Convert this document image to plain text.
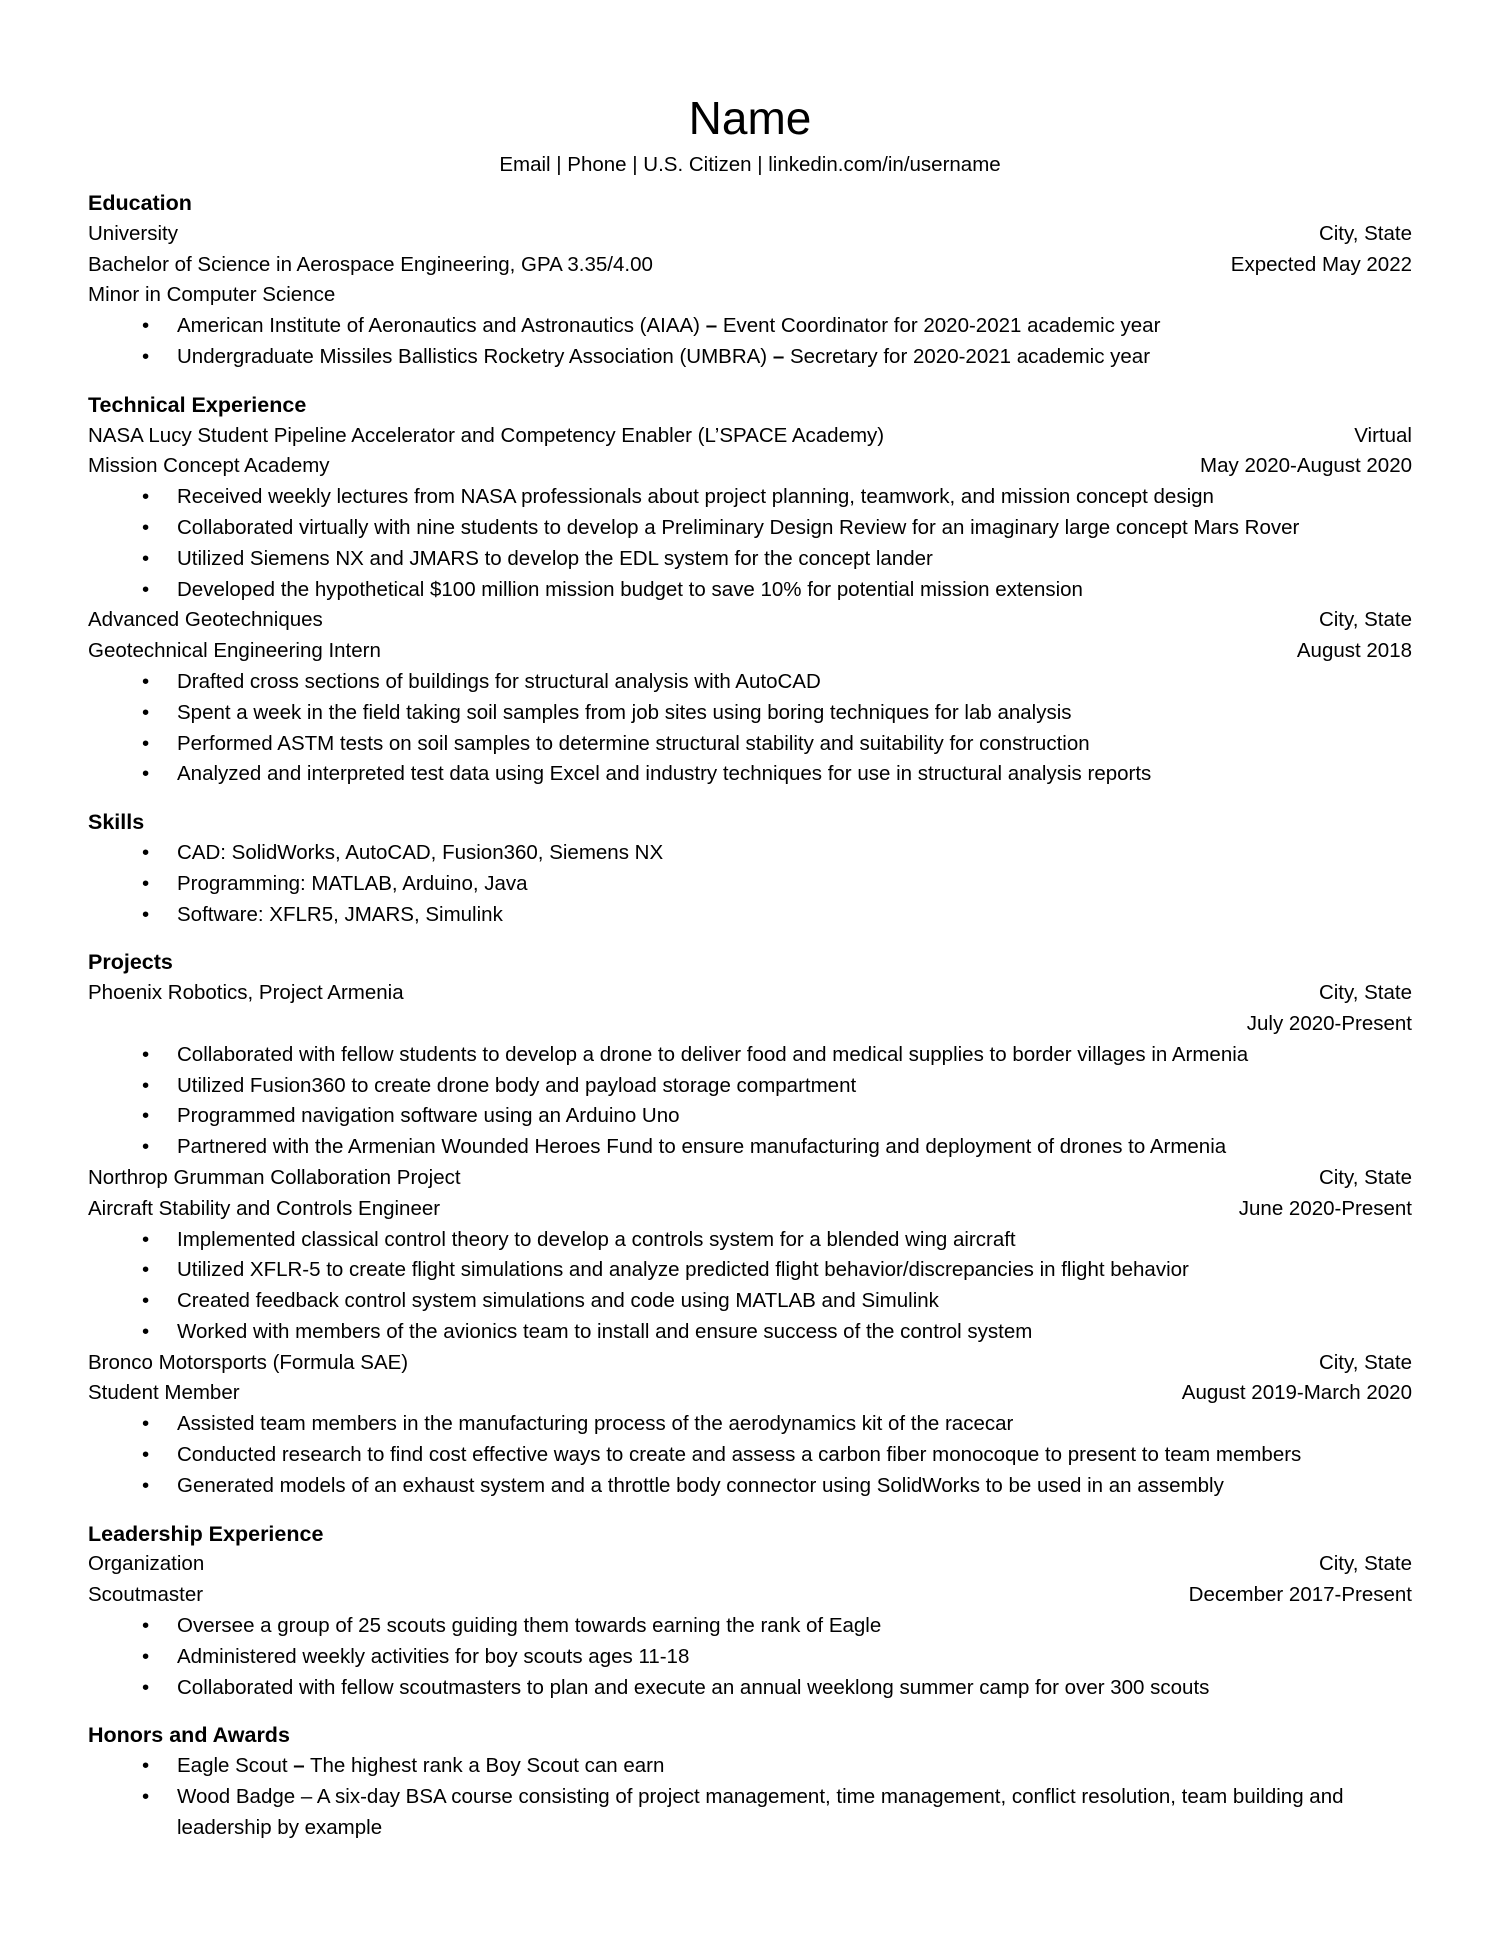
Name
Email | Phone | U.S. Citizen | linkedin.com/in/username
Education
University	City, State
Bachelor of Science in Aerospace Engineering, GPA 3.35/4.00	Expected May 2022
Minor in Computer Science
• American Institute of Aeronautics and Astronautics (AIAA) – Event Coordinator for 2020-2021 academic year
• Undergraduate Missiles Ballistics Rocketry Association (UMBRA) – Secretary for 2020-2021 academic year
Technical Experience
NASA Lucy Student Pipeline Accelerator and Competency Enabler (L’SPACE Academy)	Virtual
Mission Concept Academy	May 2020-August 2020
• Received weekly lectures from NASA professionals about project planning, teamwork, and mission concept design
• Collaborated virtually with nine students to develop a Preliminary Design Review for an imaginary large concept Mars Rover
• Utilized Siemens NX and JMARS to develop the EDL system for the concept lander
• Developed the hypothetical $100 million mission budget to save 10% for potential mission extension
Advanced Geotechniques	City, State
Geotechnical Engineering Intern	August 2018
• Drafted cross sections of buildings for structural analysis with AutoCAD
• Spent a week in the field taking soil samples from job sites using boring techniques for lab analysis
• Performed ASTM tests on soil samples to determine structural stability and suitability for construction
• Analyzed and interpreted test data using Excel and industry techniques for use in structural analysis reports
Skills
• CAD: SolidWorks, AutoCAD, Fusion360, Siemens NX
• Programming: MATLAB, Arduino, Java
• Software: XFLR5, JMARS, Simulink
Projects
Phoenix Robotics, Project Armenia	City, State
July 2020-Present
• Collaborated with fellow students to develop a drone to deliver food and medical supplies to border villages in Armenia
• Utilized Fusion360 to create drone body and payload storage compartment
• Programmed navigation software using an Arduino Uno
• Partnered with the Armenian Wounded Heroes Fund to ensure manufacturing and deployment of drones to Armenia
Northrop Grumman Collaboration Project	City, State
Aircraft Stability and Controls Engineer	June 2020-Present
• Implemented classical control theory to develop a controls system for a blended wing aircraft
• Utilized XFLR-5 to create flight simulations and analyze predicted flight behavior/discrepancies in flight behavior
• Created feedback control system simulations and code using MATLAB and Simulink
• Worked with members of the avionics team to install and ensure success of the control system
Bronco Motorsports (Formula SAE)	City, State
Student Member	August 2019-March 2020
• Assisted team members in the manufacturing process of the aerodynamics kit of the racecar
• Conducted research to find cost effective ways to create and assess a carbon fiber monocoque to present to team members
• Generated models of an exhaust system and a throttle body connector using SolidWorks to be used in an assembly
Leadership Experience
Organization	City, State
Scoutmaster	December 2017-Present
• Oversee a group of 25 scouts guiding them towards earning the rank of Eagle
• Administered weekly activities for boy scouts ages 11-18
• Collaborated with fellow scoutmasters to plan and execute an annual weeklong summer camp for over 300 scouts
Honors and Awards
• Eagle Scout – The highest rank a Boy Scout can earn
• Wood Badge – A six-day BSA course consisting of project management, time management, conflict resolution, team building and leadership by example
